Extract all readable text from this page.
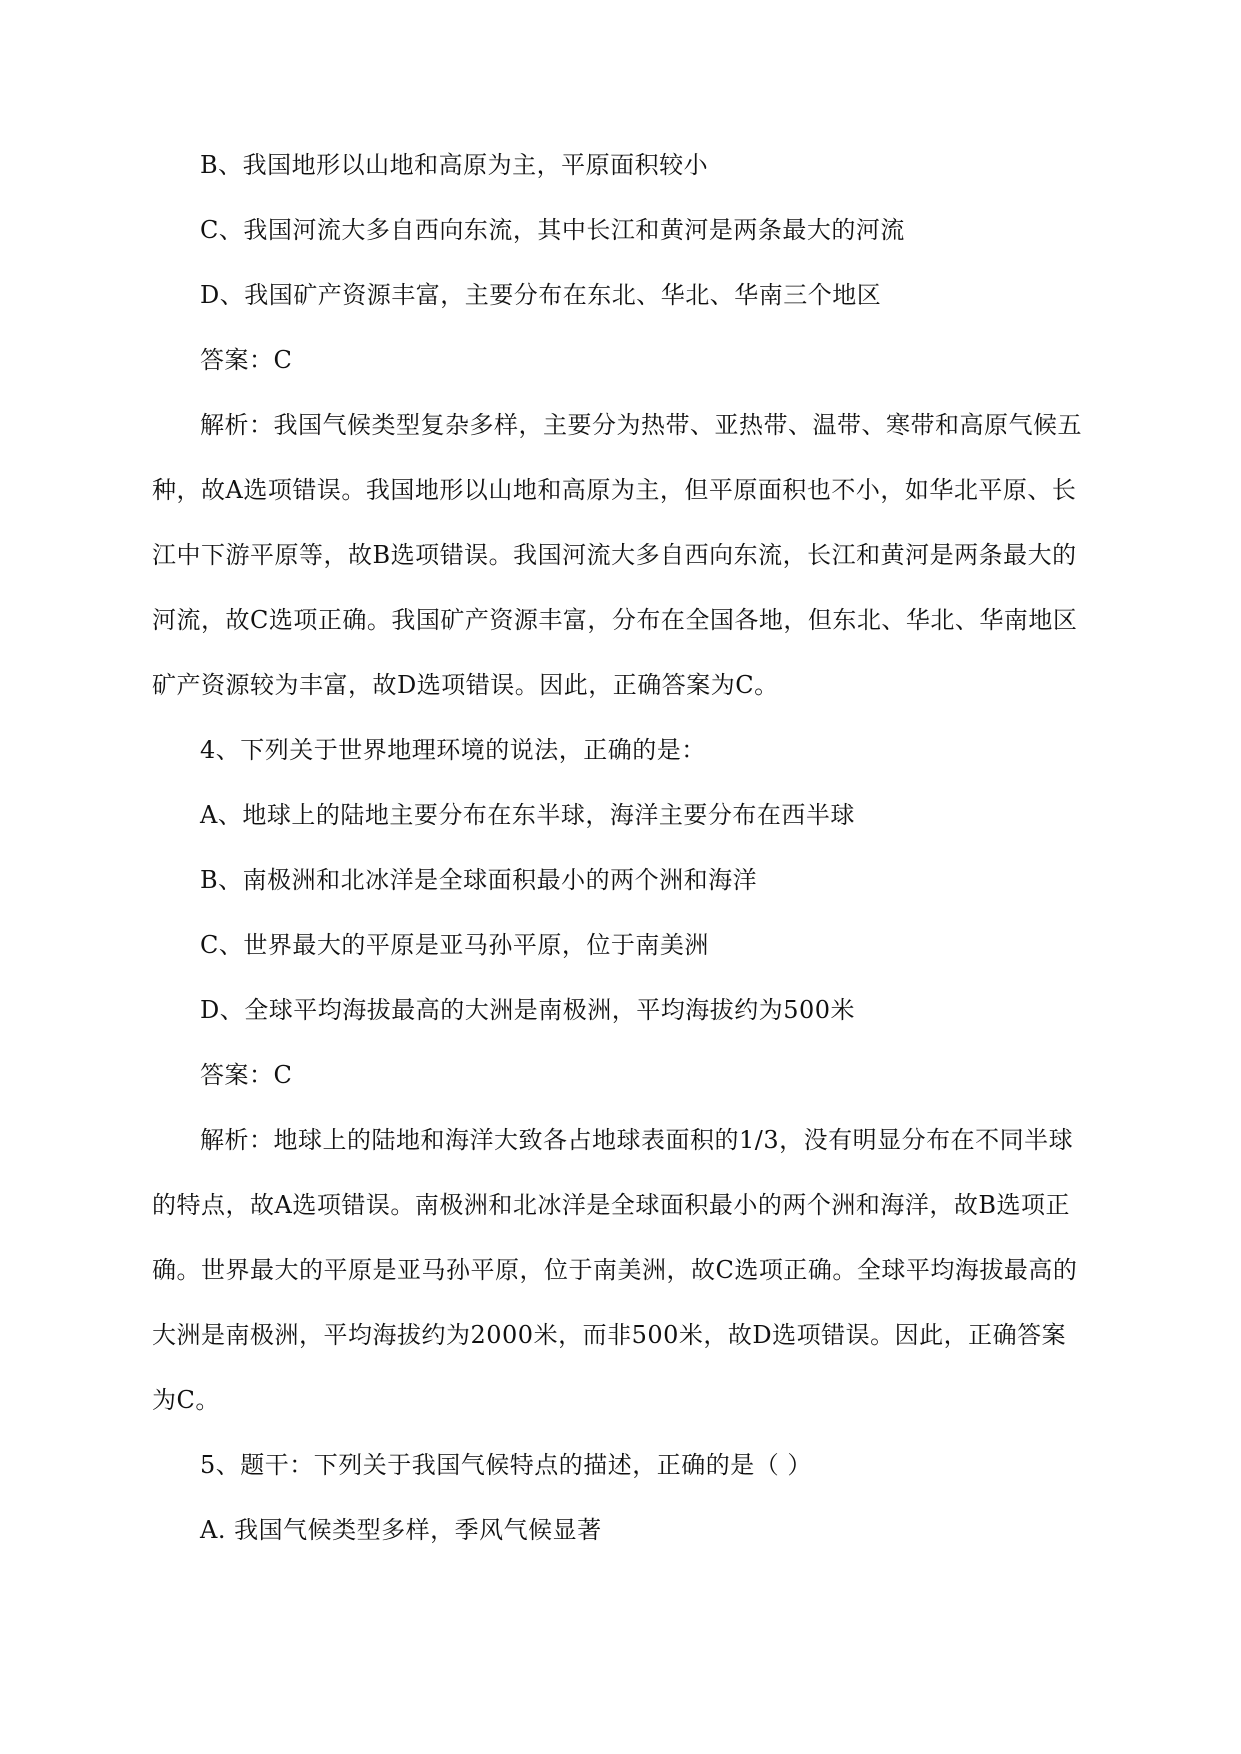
B、我国地形以山地和高原为主，平原面积较小

C、我国河流大多自西向东流，其中长江和黄河是两条最大的河流

D、我国矿产资源丰富，主要分布在东北、华北、华南三个地区

答案：C

解析：我国气候类型复杂多样，主要分为热带、亚热带、温带、寒带和高原气候五
种，故A选项错误。我国地形以山地和高原为主，但平原面积也不小，如华北平原、长
江中下游平原等，故B选项错误。我国河流大多自西向东流，长江和黄河是两条最大的
河流，故C选项正确。我国矿产资源丰富，分布在全国各地，但东北、华北、华南地区
矿产资源较为丰富，故D选项错误。因此，正确答案为C。

4、下列关于世界地理环境的说法，正确的是：

A、地球上的陆地主要分布在东半球，海洋主要分布在西半球

B、南极洲和北冰洋是全球面积最小的两个洲和海洋

C、世界最大的平原是亚马孙平原，位于南美洲

D、全球平均海拔最高的大洲是南极洲，平均海拔约为500米

答案：C

解析：地球上的陆地和海洋大致各占地球表面积的1/3，没有明显分布在不同半球
的特点，故A选项错误。南极洲和北冰洋是全球面积最小的两个洲和海洋，故B选项正
确。世界最大的平原是亚马孙平原，位于南美洲，故C选项正确。全球平均海拔最高的
大洲是南极洲，平均海拔约为2000米，而非500米，故D选项错误。因此，正确答案
为C。

5、题干：下列关于我国气候特点的描述，正确的是（ ）

A. 我国气候类型多样，季风气候显著
